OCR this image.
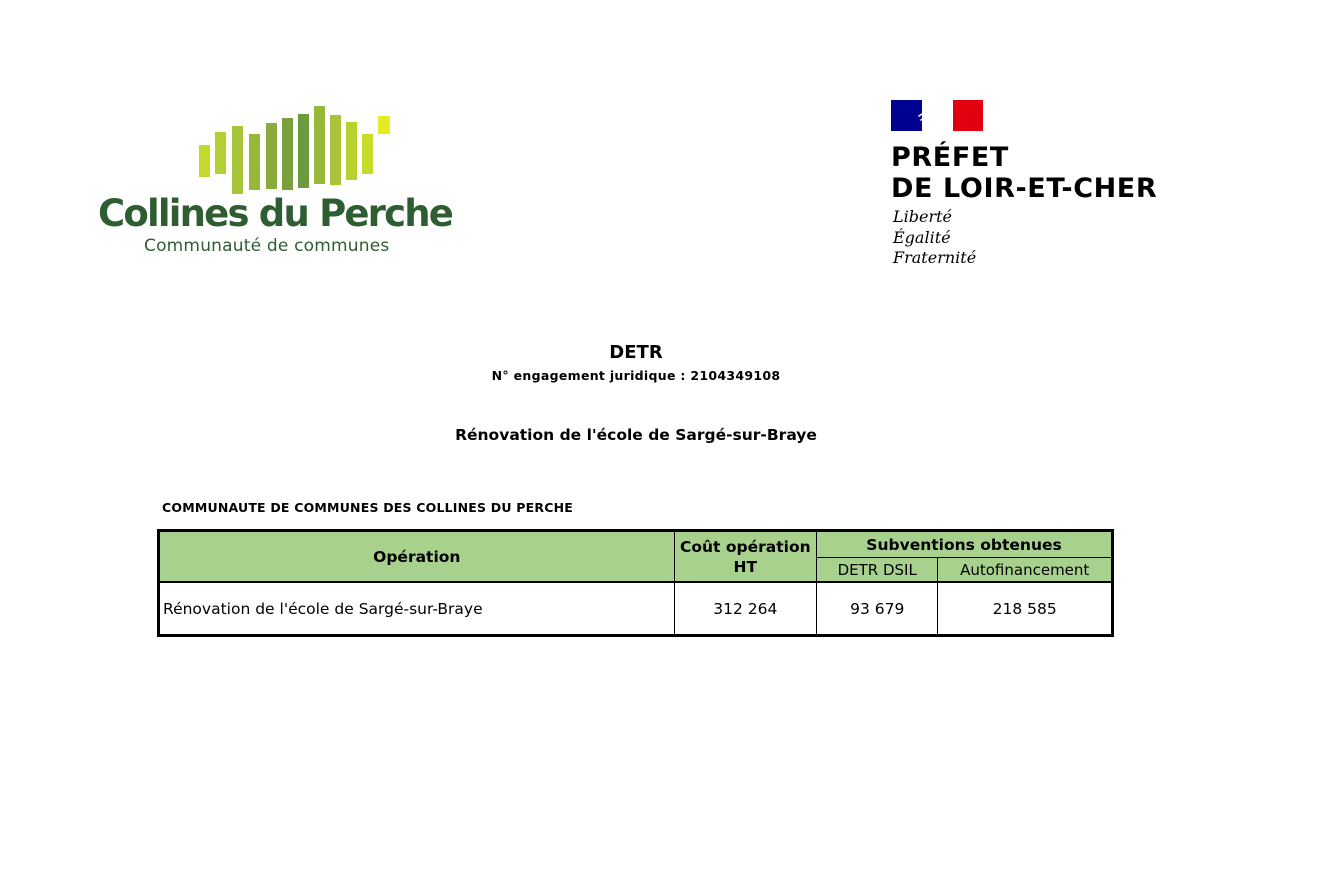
Collines du Perche
Communauté de communes
PRÉFET
DE LOIR-ET-CHER
Liberté
Égalité
Fraternité
DETR
N° engagement juridique : 2104349108
Rénovation de l'école de Sargé-sur-Braye
COMMUNAUTE DE COMMUNES DES COLLINES DU PERCHE
Opération	Coût opération HT	Subventions obtenues	
		DETR DSIL	Autofinancement
Rénovation de l'école de Sargé-sur-Braye	312 264	93 679	218 585
